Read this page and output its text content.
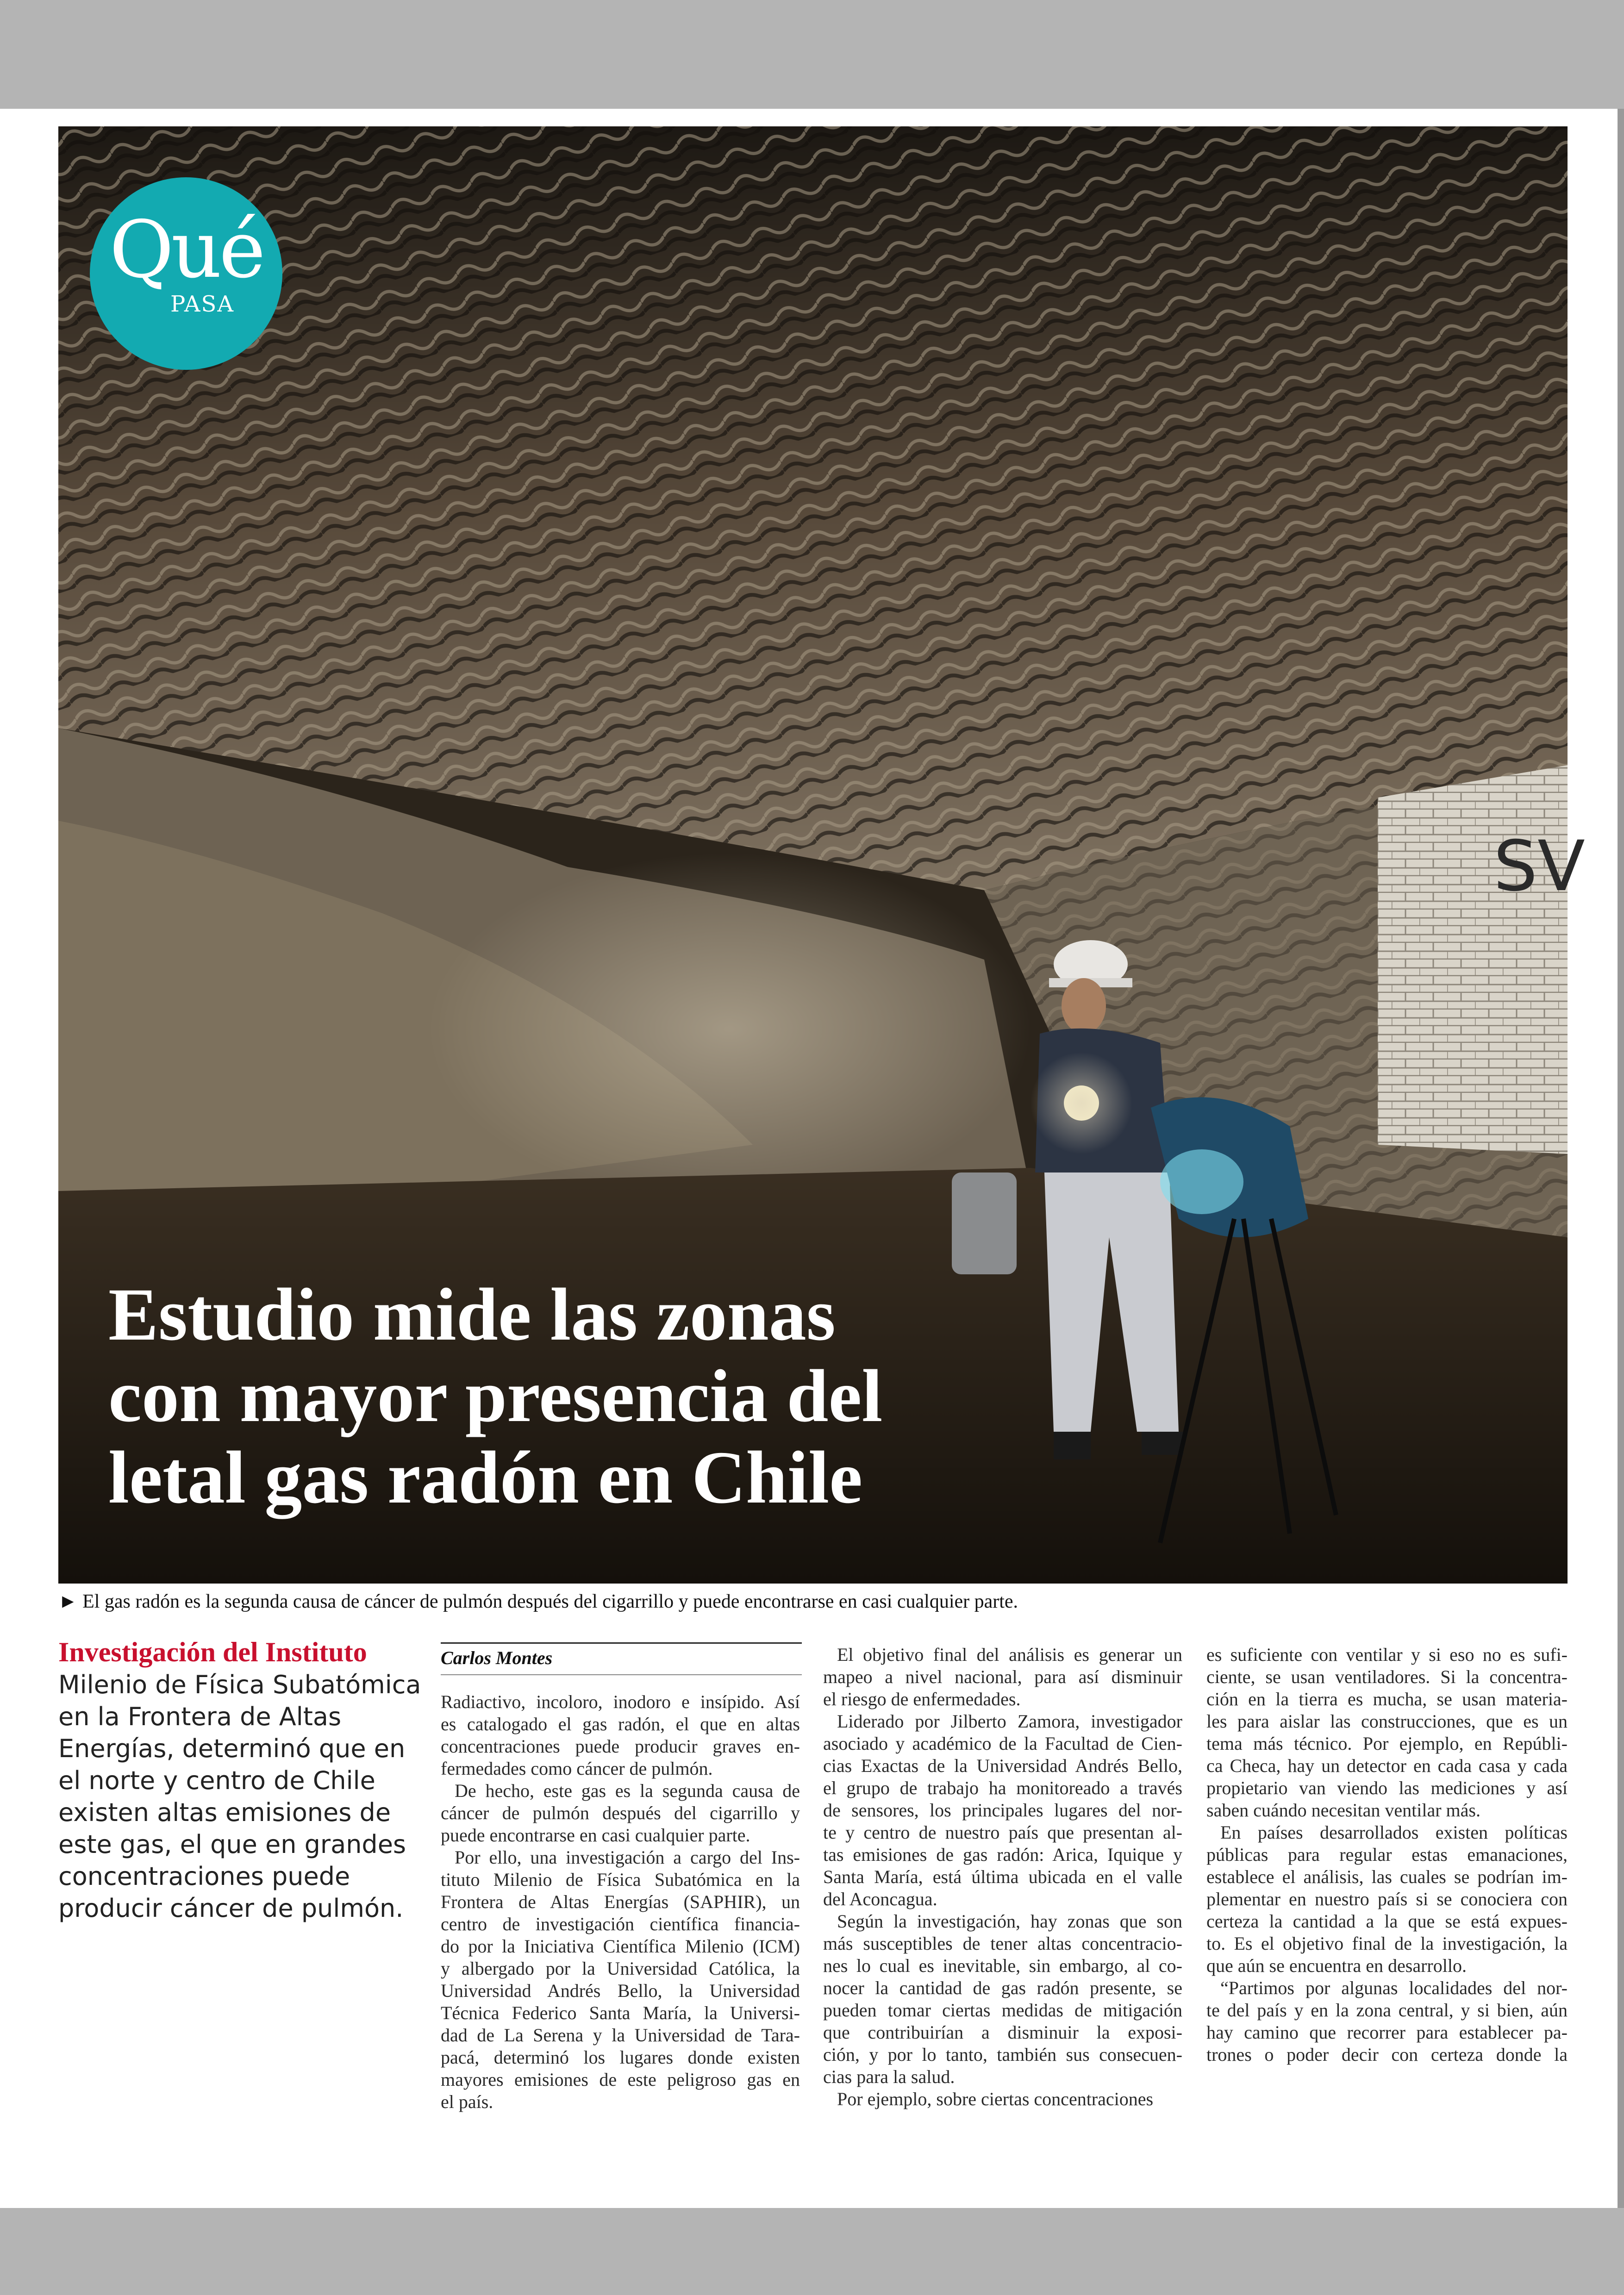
SV
Qué
PASA
Estudio mide las zonas
con mayor presencia del
letal gas radón en Chile
► El gas radón es la segunda causa de cáncer de pulmón después del cigarrillo y puede encontrarse en casi cualquier parte.
Investigación del Instituto Milenio de Física Subatómica en la Frontera de Altas Energías, determinó que en el norte y centro de Chile existen altas emisiones de este gas, el que en grandes concentraciones puede producir cáncer de pulmón.
Carlos Montes
Radiactivo, incoloro, inodoro e insípido. Así
es catalogado el gas radón, el que en altas
concentraciones puede producir graves en-
fermedades como cáncer de pulmón.
De hecho, este gas es la segunda causa de
cáncer de pulmón después del cigarrillo y
puede encontrarse en casi cualquier parte.
Por ello, una investigación a cargo del Ins-
tituto Milenio de Física Subatómica en la
Frontera de Altas Energías (SAPHIR), un
centro de investigación científica financia-
do por la Iniciativa Científica Milenio (ICM)
y albergado por la Universidad Católica, la
Universidad Andrés Bello, la Universidad
Técnica Federico Santa María, la Universi-
dad de La Serena y la Universidad de Tara-
pacá, determinó los lugares donde existen
mayores emisiones de este peligroso gas en
el país.
El objetivo final del análisis es generar un
mapeo a nivel nacional, para así disminuir
el riesgo de enfermedades.
Liderado por Jilberto Zamora, investigador
asociado y académico de la Facultad de Cien-
cias Exactas de la Universidad Andrés Bello,
el grupo de trabajo ha monitoreado a través
de sensores, los principales lugares del nor-
te y centro de nuestro país que presentan al-
tas emisiones de gas radón: Arica, Iquique y
Santa María, está última ubicada en el valle
del Aconcagua.
Según la investigación, hay zonas que son
más susceptibles de tener altas concentracio-
nes lo cual es inevitable, sin embargo, al co-
nocer la cantidad de gas radón presente, se
pueden tomar ciertas medidas de mitigación
que contribuirían a disminuir la exposi-
ción, y por lo tanto, también sus consecuen-
cias para la salud.
Por ejemplo, sobre ciertas concentraciones
es suficiente con ventilar y si eso no es sufi-
ciente, se usan ventiladores. Si la concentra-
ción en la tierra es mucha, se usan materia-
les para aislar las construcciones, que es un
tema más técnico. Por ejemplo, en Repúbli-
ca Checa, hay un detector en cada casa y cada
propietario van viendo las mediciones y así
saben cuándo necesitan ventilar más.
En países desarrollados existen políticas
públicas para regular estas emanaciones,
establece el análisis, las cuales se podrían im-
plementar en nuestro país si se conociera con
certeza la cantidad a la que se está expues-
to. Es el objetivo final de la investigación, la
que aún se encuentra en desarrollo.
“Partimos por algunas localidades del nor-
te del país y en la zona central, y si bien, aún
hay camino que recorrer para establecer pa-
trones o poder decir con certeza donde la
